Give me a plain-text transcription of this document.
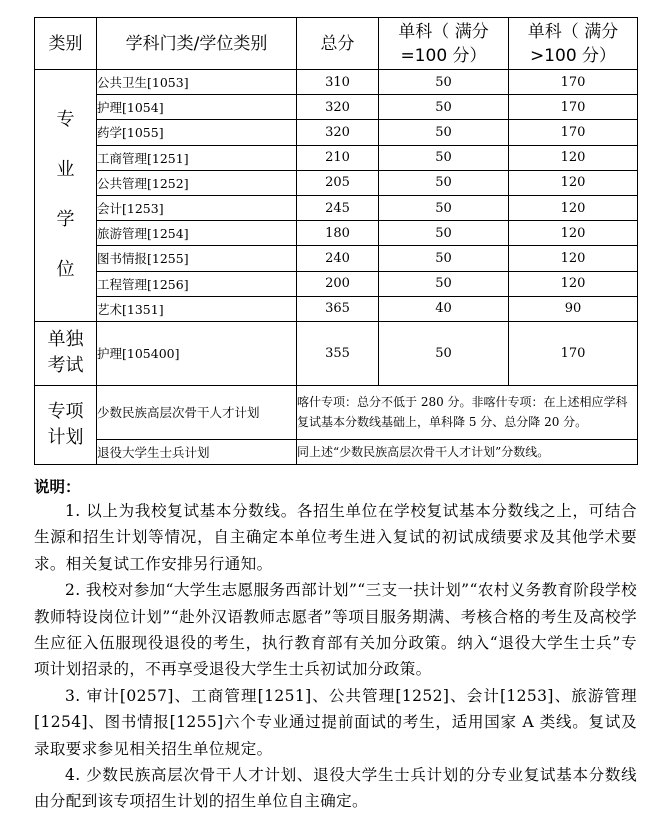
类别	学科门类/学位类别	总分	单科（ 满分=100 分）	单科（ 满分>100 分）
专业学位	公共卫生[1053]	310	50	170
	护理[1054]	320	50	170
	药学[1055]	320	50	170
	工商管理[1251]	210	50	120
	公共管理[1252]	205	50	120
	会计[1253]	245	50	120
	旅游管理[1254]	180	50	120
	图书情报[1255]	240	50	120
	工程管理[1256]	200	50	120
	艺术[1351]	365	40	90
单独考试	护理[105400]	355	50	170
专项计划	少数民族高层次骨干人才计划	喀什专项：总分不低于 280 分。非喀什专项：在上述相应学科复试基本分数线基础上，单科降 5 分、总分降 20 分。		
	退役大学生士兵计划	同上述“少数民族高层次骨干人才计划”分数线。		
说明：

1. 以上为我校复试基本分数线。各招生单位在学校复试基本分数线之上，可结合生源和招生计划等情况，自主确定本单位考生进入复试的初试成绩要求及其他学术要求。相关复试工作安排另行通知。

2. 我校对参加“大学生志愿服务西部计划”“三支一扶计划”“农村义务教育阶段学校教师特设岗位计划”“赴外汉语教师志愿者”等项目服务期满、考核合格的考生及高校学生应征入伍服现役退役的考生，执行教育部有关加分政策。纳入“退役大学生士兵”专项计划招录的，不再享受退役大学生士兵初试加分政策。

3. 审计[0257]、工商管理[1251]、公共管理[1252]、会计[1253]、旅游管理[1254]、图书情报[1255]六个专业通过提前面试的考生，适用国家 A 类线。复试及录取要求参见相关招生单位规定。

4. 少数民族高层次骨干人才计划、退役大学生士兵计划的分专业复试基本分数线由分配到该专项招生计划的招生单位自主确定。
